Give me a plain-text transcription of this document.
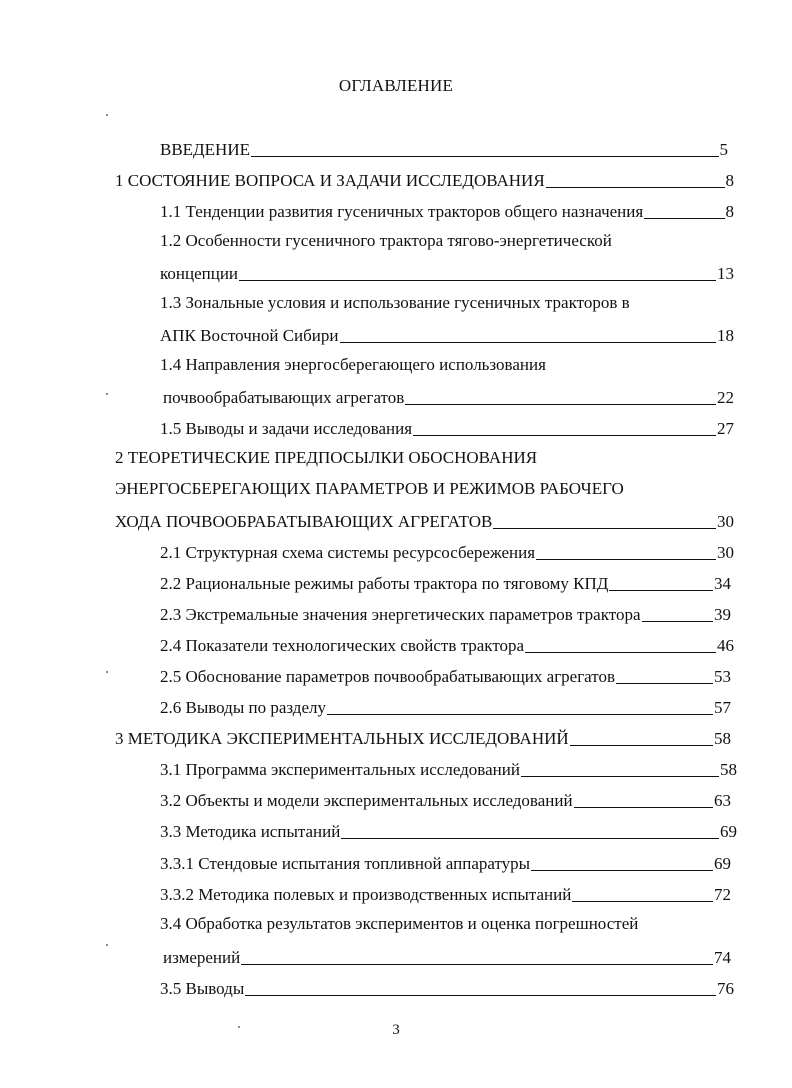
ОГЛАВЛЕНИЕ
ВВЕДЕНИЕ	5
1 СОСТОЯНИЕ ВОПРОСА И ЗАДАЧИ ИССЛЕДОВАНИЯ	8
1.1 Тенденции развития гусеничных тракторов общего назначения	8
1.2 Особенности гусеничного трактора тягово-энергетической
концепции	13
1.3 Зональные условия и использование гусеничных тракторов в
АПК Восточной Сибири	18
1.4 Направления энергосберегающего использования
почвообрабатывающих агрегатов	22
1.5 Выводы и задачи исследования	27
2 ТЕОРЕТИЧЕСКИЕ ПРЕДПОСЫЛКИ ОБОСНОВАНИЯ
ЭНЕРГОСБЕРЕГАЮЩИХ ПАРАМЕТРОВ И РЕЖИМОВ РАБОЧЕГО
ХОДА ПОЧВООБРАБАТЫВАЮЩИХ АГРЕГАТОВ	30
2.1 Структурная схема системы ресурсосбережения	30
2.2 Рациональные режимы работы трактора по тяговому КПД	34
2.3 Экстремальные значения энергетических параметров трактора	39
2.4 Показатели технологических свойств трактора	46
2.5 Обоснование параметров почвообрабатывающих агрегатов	53
2.6 Выводы по разделу	57
3 МЕТОДИКА ЭКСПЕРИМЕНТАЛЬНЫХ ИССЛЕДОВАНИЙ	58
3.1 Программа экспериментальных исследований	58
3.2 Объекты и модели экспериментальных исследований	63
3.3 Методика испытаний	69
3.3.1 Стендовые испытания топливной аппаратуры	69
3.3.2 Методика полевых и производственных испытаний	72
3.4 Обработка результатов экспериментов и оценка погрешностей
измерений	74
3.5 Выводы	76
3
